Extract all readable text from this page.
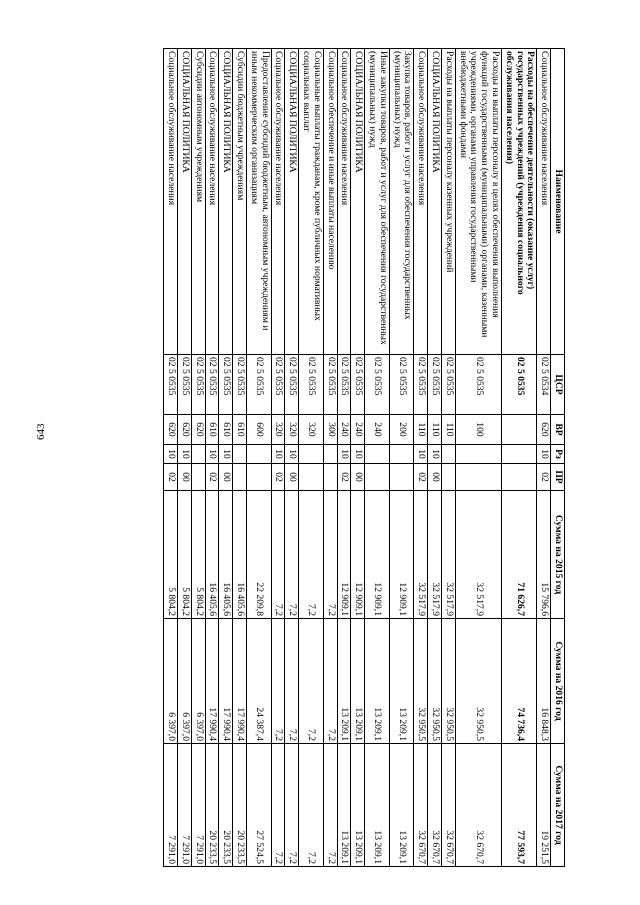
643
Наименование	ЦСР	ВР	Рз	ПР	Сумма на 2015 год	Сумма на 2016 год	Сумма на 2017 год
Социальное обслуживание населения	02 5 0534	620	10	02	15 796,6	16 848,3	19 251,5
Расходы на обеспечение деятельности (оказание услуг) государственных учреждений (учреждения социального обслуживания населения)	02 5 0535				71 626,7	74 736,4	77 593,7
Расходы на выплаты персоналу в целях обеспечения выполнения функций государственными (муниципальными) органами, казенными учреждениями, органами управления государственными внебюджетными фондами	02 5 0535	100			32 517,9	32 950,5	32 670,7
Расходы на выплаты персоналу казенных учреждений	02 5 0535	110			32 517,9	32 950,5	32 670,7
СОЦИАЛЬНАЯ ПОЛИТИКА	02 5 0535	110	10	00	32 517,9	32 950,5	32 670,7
Социальное обслуживание населения	02 5 0535	110	10	02	32 517,9	32 950,5	32 670,7
Закупка товаров, работ и услуг для обеспечения государственных (муниципальных) нужд	02 5 0535	200			12 909,1	13 209,1	13 209,1
Иные закупки товаров, работ и услуг для обеспечения государственных (муниципальных) нужд	02 5 0535	240			12 909,1	13 209,1	13 209,1
СОЦИАЛЬНАЯ ПОЛИТИКА	02 5 0535	240	10	00	12 909,1	13 209,1	13 209,1
Социальное обслуживание населения	02 5 0535	240	10	02	12 909,1	13 209,1	13 209,1
Социальное обеспечение и иные выплаты населению	02 5 0535	300			7,2	7,2	7,2
Социальные выплаты гражданам, кроме публичных нормативных социальных выплат	02 5 0535	320			7,2	7,2	7,2
СОЦИАЛЬНАЯ ПОЛИТИКА	02 5 0535	320	10	00	7,2	7,2	7,2
Социальное обслуживание населения	02 5 0535	320	10	02	7,2	7,2	7,2
Предоставление субсидий бюджетным, автономным учреждениям и иным некоммерческим организациям	02 5 0535	600			22 209,8	24 387,4	27 524,5
Субсидии бюджетным учреждениям	02 5 0535	610			16 405,6	17 990,4	20 233,5
СОЦИАЛЬНАЯ ПОЛИТИКА	02 5 0535	610	10	00	16 405,6	17 990,4	20 233,5
Социальное обслуживание населения	02 5 0535	610	10	02	16 405,6	17 990,4	20 233,5
Субсидии автономным учреждениям	02 5 0535	620			5 804,2	6 397,0	7 291,0
СОЦИАЛЬНАЯ ПОЛИТИКА	02 5 0535	620	10	00	5 804,2	6 397,0	7 291,0
Социальное обслуживание населения	02 5 0535	620	10	02	5 804,2	6 397,0	7 291,0
